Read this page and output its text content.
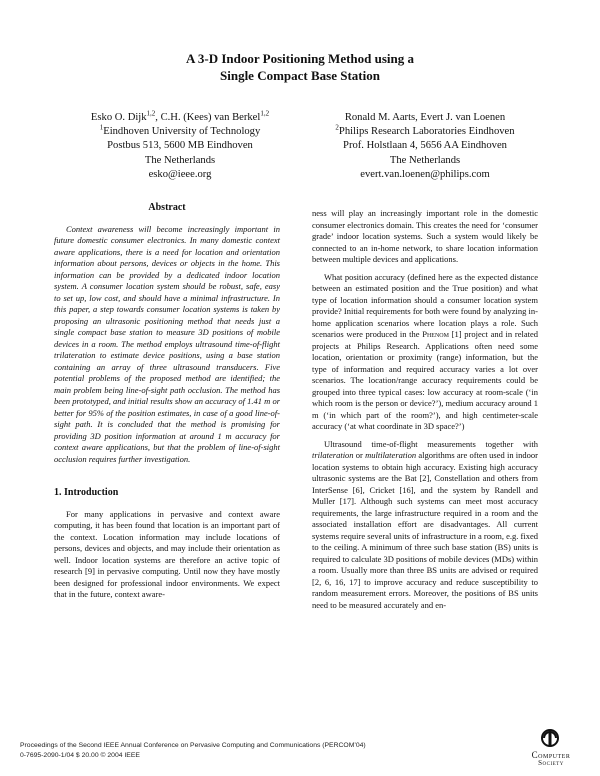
A 3-D Indoor Positioning Method using a
Single Compact Base Station
Esko O. Dijk$^{1,2}$, C.H. (Kees) van Berkel$^{1,2}$
$^1$Eindhoven University of Technology
Postbus 513, 5600 MB Eindhoven
The Netherlands
esko@ieee.org
Ronald M. Aarts, Evert J. van Loenen
$^2$Philips Research Laboratories Eindhoven
Prof. Holstlaan 4, 5656 AA Eindhoven
The Netherlands
evert.van.loenen@philips.com
Abstract

Context awareness will become increasingly important in future domestic consumer electronics. In many domestic context aware applications, there is a need for location and orientation information about persons, devices or objects in the home. This information can be provided by a dedicated indoor location system. A consumer location system should be robust, safe, easy to set up, low cost, and should have a minimal infrastructure. In this paper, a step towards consumer location systems is taken by proposing an ultrasonic positioning method that needs just a single compact base station to measure 3D positions of mobile devices in a room. The method employs ultrasound time-of-flight trilateration to estimate device positions, using a base station containing an array of three ultrasound transducers. Five potential problems of the proposed method are identified; the main problem being line-of-sight path occlusion. The method has been prototyped, and initial results show an accuracy of 1.41 m or better for 95% of the position estimates, in case of a good line-of-sight path. It is concluded that the method is promising for providing 3D position information at around 1 m accuracy for context aware applications, but that the problem of line-of-sight occlusion requires further investigation.

1. Introduction

For many applications in pervasive and context aware computing, it has been found that location is an important part of the context. Location information may include locations of persons, devices and objects, and may include their orientation as well. Indoor location systems are therefore an active topic of research [9] in pervasive computing. Until now they have mostly been designed for professional indoor environments. We expect that in the future, context aware-

ness will play an increasingly important role in the domestic consumer electronics domain. This creates the need for ‘consumer grade’ indoor location systems. Such a system would likely be connected to an in-home network, to share location information between multiple devices and applications.

What position accuracy (defined here as the expected distance between an estimated position and the True position) and what type of location information should a consumer location system provide? Initial requirements for both were found by analyzing in-home application scenarios where location plays a role. Such scenarios were produced in the Phenom [1] project and in related projects at Philips Research. Applications often need some location, orientation or proximity (range) information, but the type of information and required accuracy varies a lot over scenarios. The location/range accuracy requirements could be grouped into three typical cases: low accuracy at room-scale (‘in which room is the person or device?’), medium accuracy around 1 m (‘in which part of the room?’), and high centimeter-scale accuracy (‘at what coordinate in 3D space?’)

Ultrasound time-of-flight measurements together with trilateration or multilateration algorithms are often used in indoor location systems to obtain high accuracy. Existing high accuracy ultrasonic systems are the Bat [2], Constellation and others from InterSense [6], Cricket [16], and the system by Randell and Muller [17]. Although such systems can meet most accuracy requirements, the large infrastructure required in a room and the associated installation effort are disadvantages. All current systems require several units of infrastructure in a room, e.g. fixed to the ceiling. A minimum of three such base station (BS) units is required to calculate 3D positions of mobile devices (MDs) within a room. Usually more than three BS units are advised or required [2, 6, 16, 17] to improve accuracy and reduce susceptibility to random measurement errors. Moreover, the positions of BS units need to be measured accurately and en-

Proceedings of the Second IEEE Annual Conference on Pervasive Computing and Communications (PERCOM’04)
0-7695-2090-1/04 $ 20.00 © 2004 IEEE	Computer
Society
